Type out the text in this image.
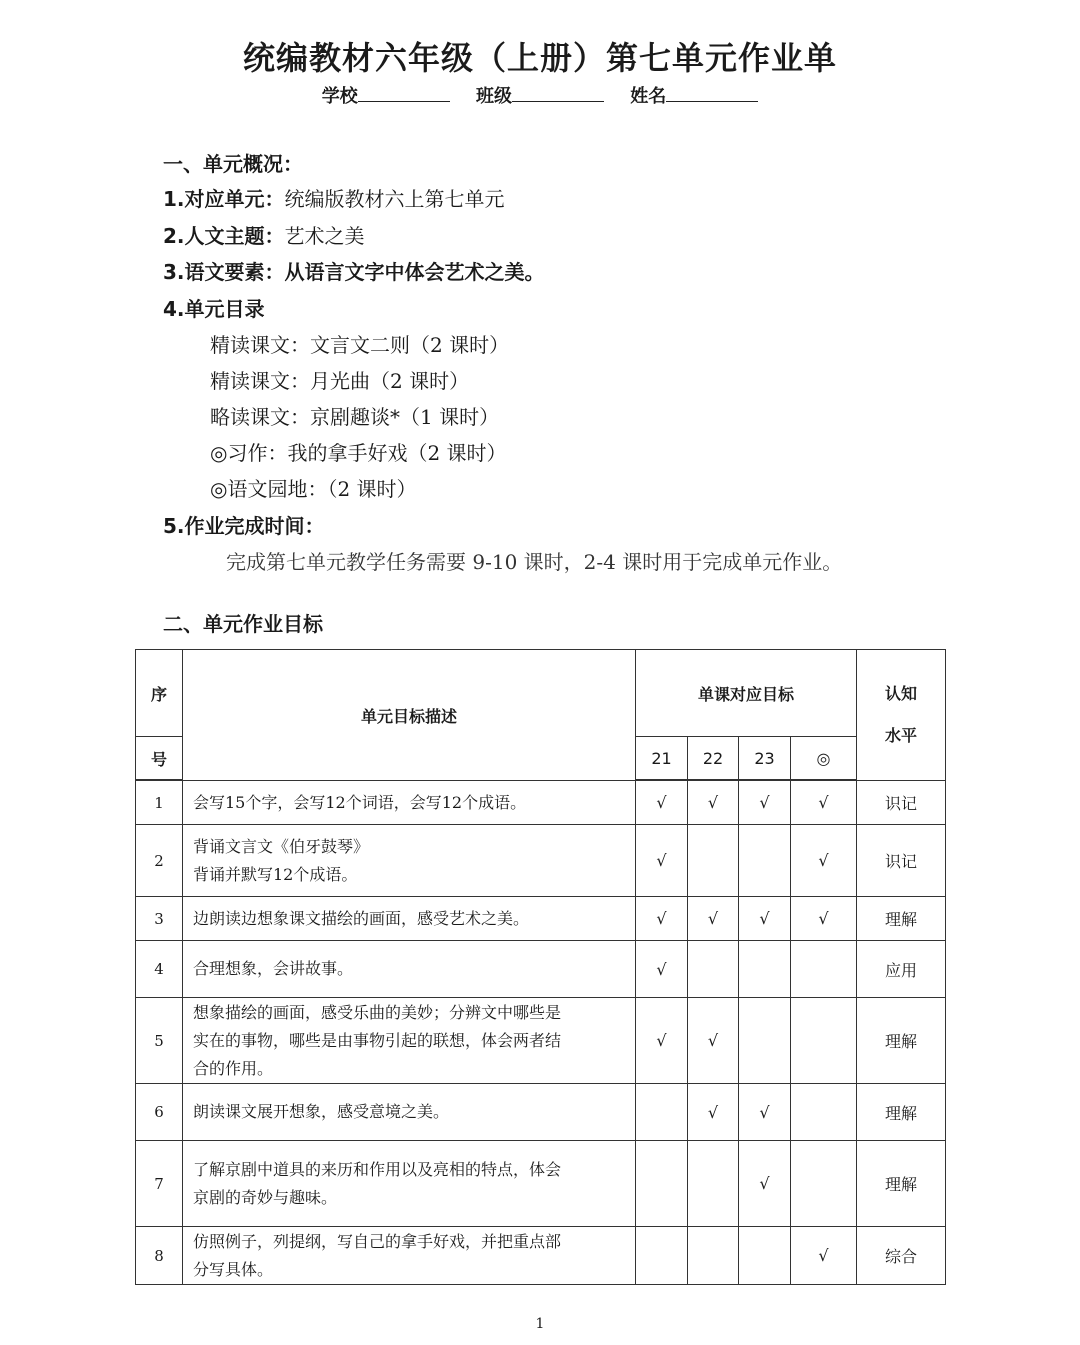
统编教材六年级（上册）第七单元作业单
学校	班级	姓名
一、单元概况：
1.对应单元：统编版教材六上第七单元
2.人文主题：艺术之美
3.语文要素：从语言文字中体会艺术之美。
4.单元目录
精读课文：文言文二则（2 课时）
精读课文：月光曲（2 课时）
略读课文：京剧趣谈*（1 课时）
◎习作：我的拿手好戏（2 课时）
◎语文园地：（2 课时）
5.作业完成时间：
完成第七单元教学任务需要 9-10 课时，2-4 课时用于完成单元作业。
二、单元作业目标
序	单元目标描述	单课对应目标				认知
水平

号		21	22	23	◎	

1	会写15个字，会写12个词语，会写12个成语。	√	√	√	√	识记
2	背诵文言文《伯牙鼓琴》
背诵并默写12个成语。	√			√	识记
3	边朗读边想象课文描绘的画面，感受艺术之美。	√	√	√	√	理解
4	合理想象，会讲故事。	√				应用
5	想象描绘的画面，感受乐曲的美妙；分辨文中哪些是
实在的事物，哪些是由事物引起的联想，体会两者结
合的作用。	√	√			理解
6	朗读课文展开想象，感受意境之美。		√	√		理解
7	了解京剧中道具的来历和作用以及亮相的特点，体会
京剧的奇妙与趣味。			√		理解
8	仿照例子，列提纲，写自己的拿手好戏，并把重点部
分写具体。				√	综合
1
